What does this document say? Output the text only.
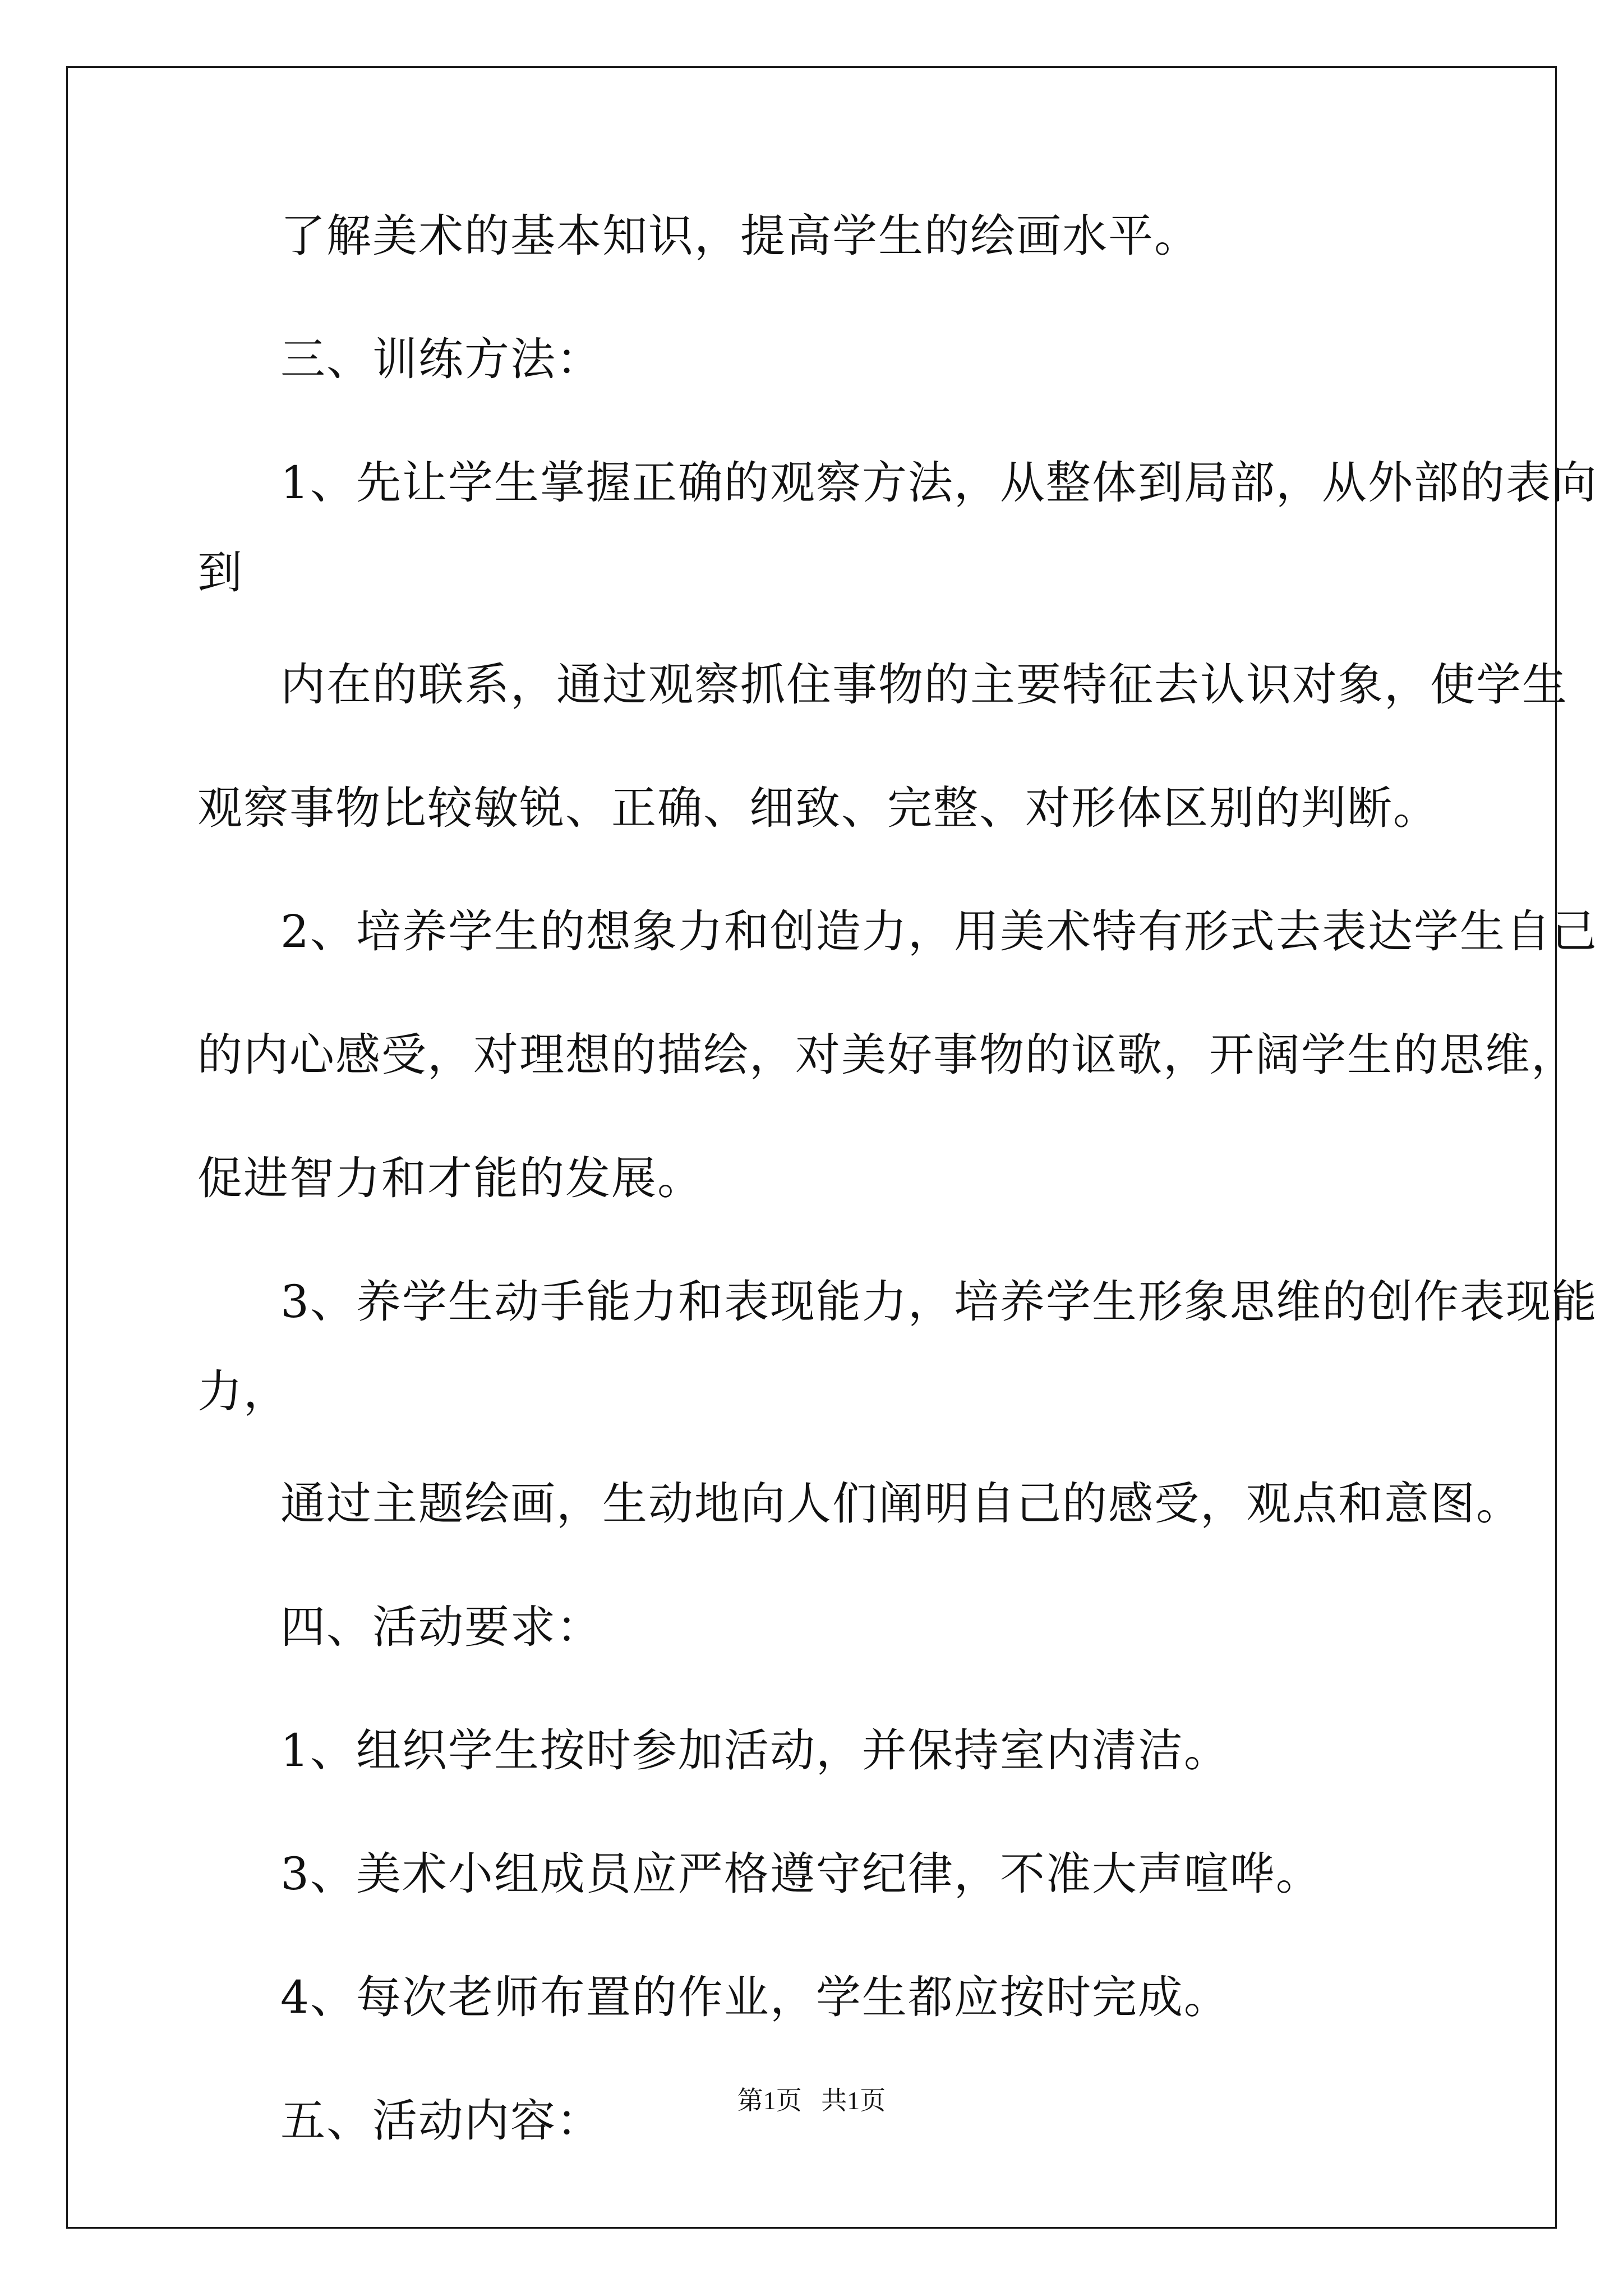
了解美术的基本知识，提高学生的绘画水平。
三、训练方法：
1、先让学生掌握正确的观察方法，从整体到局部，从外部的表向
到
内在的联系，通过观察抓住事物的主要特征去认识对象，使学生
观察事物比较敏锐、正确、细致、完整、对形体区别的判断。
2、培养学生的想象力和创造力，用美术特有形式去表达学生自己
的内心感受，对理想的描绘，对美好事物的讴歌，开阔学生的思维，
促进智力和才能的发展。
3、养学生动手能力和表现能力，培养学生形象思维的创作表现能
力，
通过主题绘画，生动地向人们阐明自己的感受，观点和意图。
四、活动要求：
1、组织学生按时参加活动，并保持室内清洁。
3、美术小组成员应严格遵守纪律，不准大声喧哗。
4、每次老师布置的作业，学生都应按时完成。
五、活动内容：	第1页   共1页
